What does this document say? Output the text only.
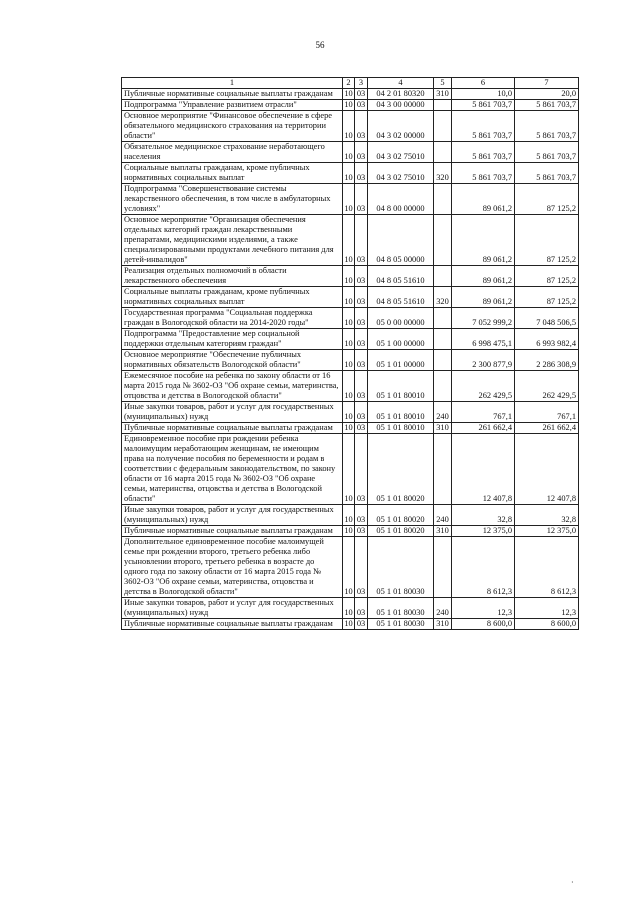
56
1	2	3	4	5	6	7
Публичные нормативные социальные выплаты гражданам	10	03	04 2 01 80320	310	10,0	20,0
Подпрограмма "Управление развитием отрасли"	10	03	04 3 00 00000		5 861 703,7	5 861 703,7
Основное мероприятие "Финансовое обеспечение в сфере обязательного медицинского страхования на территории области"	10	03	04 3 02 00000		5 861 703,7	5 861 703,7
Обязательное медицинское страхование неработающего населения	10	03	04 3 02 75010		5 861 703,7	5 861 703,7
Социальные выплаты гражданам, кроме публичных нормативных социальных выплат	10	03	04 3 02 75010	320	5 861 703,7	5 861 703,7
Подпрограмма "Совершенствование системы лекарственного обеспечения, в том числе в амбулаторных условиях"	10	03	04 8 00 00000		89 061,2	87 125,2
Основное мероприятие "Организация обеспечения отдельных категорий граждан лекарственными препаратами, медицинскими изделиями, а также специализированными продуктами лечебного питания для детей-инвалидов"	10	03	04 8 05 00000		89 061,2	87 125,2
Реализация отдельных полномочий в области лекарственного обеспечения	10	03	04 8 05 51610		89 061,2	87 125,2
Социальные выплаты гражданам, кроме публичных нормативных социальных выплат	10	03	04 8 05 51610	320	89 061,2	87 125,2
Государственная программа "Социальная поддержка граждан в Вологодской области на 2014-2020 годы"	10	03	05 0 00 00000		7 052 999,2	7 048 506,5
Подпрограмма "Предоставление мер социальной поддержки отдельным категориям граждан"	10	03	05 1 00 00000		6 998 475,1	6 993 982,4
Основное мероприятие "Обеспечение публичных нормативных обязательств Вологодской области"	10	03	05 1 01 00000		2 300 877,9	2 286 308,9
Ежемесячное пособие на ребенка по закону области от 16 марта 2015 года № 3602-ОЗ "Об охране семьи, материнства, отцовства и детства в Вологодской области"	10	03	05 1 01 80010		262 429,5	262 429,5
Иные закупки товаров, работ и услуг для государственных (муниципальных) нужд	10	03	05 1 01 80010	240	767,1	767,1
Публичные нормативные социальные выплаты гражданам	10	03	05 1 01 80010	310	261 662,4	261 662,4
Единовременное пособие при рождении ребенка малоимущим неработающим женщинам, не имеющим права на получение пособия по беременности и родам в соответствии с федеральным законодательством, по закону области от 16 марта 2015 года № 3602-ОЗ "Об охране семьи, материнства, отцовства и детства в Вологодской области"	10	03	05 1 01 80020		12 407,8	12 407,8
Иные закупки товаров, работ и услуг для государственных (муниципальных) нужд	10	03	05 1 01 80020	240	32,8	32,8
Публичные нормативные социальные выплаты гражданам	10	03	05 1 01 80020	310	12 375,0	12 375,0
Дополнительное единовременное пособие малоимущей семье при рождении второго, третьего ребенка либо усыновлении второго, третьего ребенка в возрасте до одного года по закону области от 16 марта 2015 года № 3602-ОЗ "Об охране семьи, материнства, отцовства и детства в Вологодской области"	10	03	05 1 01 80030		8 612,3	8 612,3
Иные закупки товаров, работ и услуг для государственных (муниципальных) нужд	10	03	05 1 01 80030	240	12,3	12,3
Публичные нормативные социальные выплаты гражданам	10	03	05 1 01 80030	310	8 600,0	8 600,0
·
